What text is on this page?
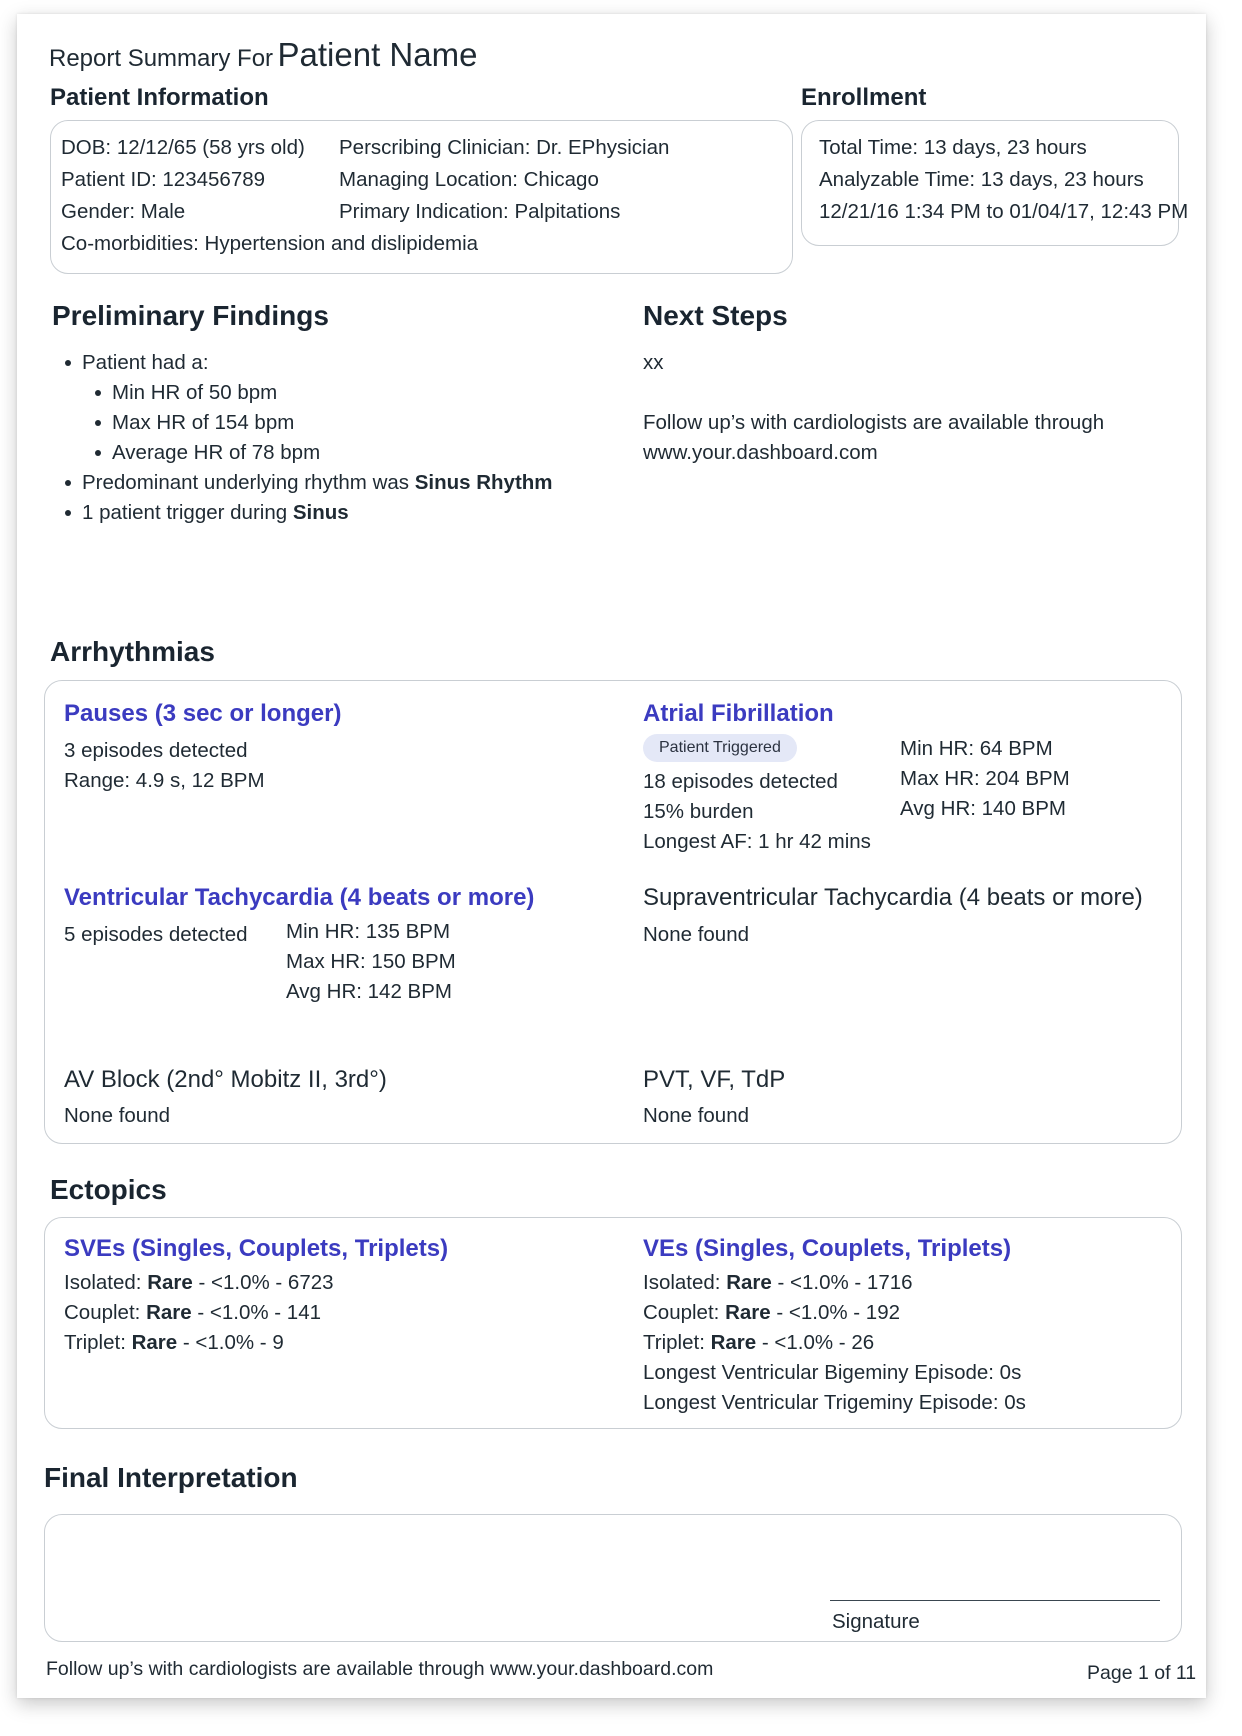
Report Summary For Patient Name
Patient Information
DOB: 12/12/65 (58 yrs old)
Patient ID: 123456789
Gender: Male
Co-morbidities: Hypertension and dislipidemia
Perscribing Clinician: Dr. EPhysician
Managing Location: Chicago
Primary Indication: Palpitations
Enrollment
Total Time: 13 days, 23 hours
Analyzable Time: 13 days, 23 hours
12/21/16 1:34 PM to 01/04/17, 12:43 PM
Preliminary Findings
Patient had a:
Min HR of 50 bpm
Max HR of 154 bpm
Average HR of 78 bpm
Predominant underlying rhythm was Sinus Rhythm
1 patient trigger during Sinus
Next Steps
xx
Follow up’s with cardiologists are available through
www.your.dashboard.com
Arrhythmias
Pauses (3 sec or longer)
3 episodes detected
Range: 4.9 s, 12 BPM
Atrial Fibrillation
Patient Triggered
18 episodes detected
15% burden
Longest AF: 1 hr 42 mins
Min HR: 64 BPM
Max HR: 204 BPM
Avg HR: 140 BPM
Ventricular Tachycardia (4 beats or more)
5 episodes detected Min HR: 135 BPM
Max HR: 150 BPM
Avg HR: 142 BPM
Supraventricular Tachycardia (4 beats or more)
None found
AV Block (2nd° Mobitz II, 3rd°)
None found
PVT, VF, TdP
None found
Ectopics
SVEs (Singles, Couplets, Triplets)
Isolated: Rare - <1.0% - 6723
Couplet: Rare - <1.0% - 141
Triplet: Rare - <1.0% - 9
VEs (Singles, Couplets, Triplets)
Isolated: Rare - <1.0% - 1716
Couplet: Rare - <1.0% - 192
Triplet: Rare - <1.0% - 26
Longest Ventricular Bigeminy Episode: 0s
Longest Ventricular Trigeminy Episode: 0s
Final Interpretation
Signature
Follow up’s with cardiologists are available through www.your.dashboard.com	Page 1 of 11
